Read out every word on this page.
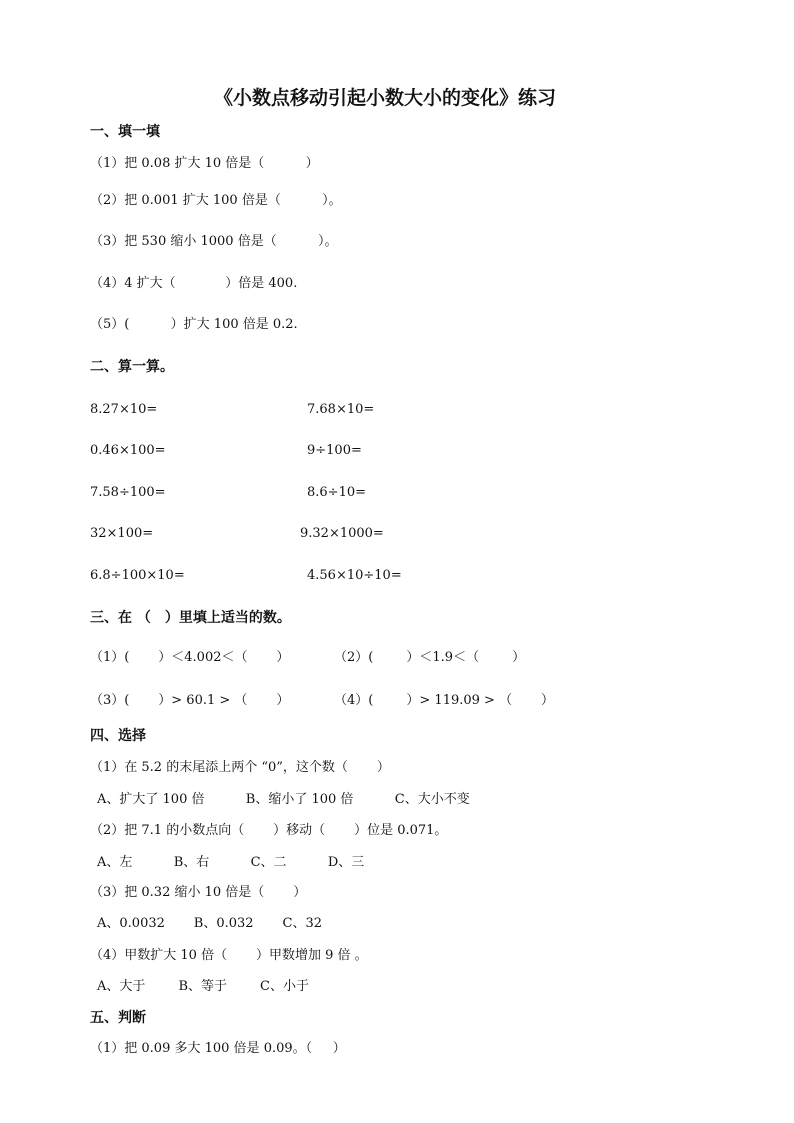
《小数点移动引起小数大小的变化》练习
一、填一填
（1）把 0.08 扩大 10 倍是（          ）
（2）把 0.001 扩大 100 倍是（          ）。
（3）把 530 缩小 1000 倍是（          ）。
（4）4 扩大（            ）倍是 400.
（5）(          ）扩大 100 倍是 0.2.
二、算一算。
8.27×10=	7.68×10=
0.46×100=	9÷100=
7.58÷100=	8.6÷10=
32×100=	9.32×1000=
6.8÷100×10=	4.56×10÷10=
三、在 （　）里填上适当的数。
（1）(       ）＜4.002＜（       ）	（2）(        ）＜1.9＜（        ）
（3）(       ）> 60.1 > （       ）	（4）(        ）> 119.09 > （       ）
四、选择
（1）在 5.2 的末尾添上两个 “0”，这个数（       ）
A、扩大了 100 倍          B、缩小了 100 倍          C、大小不变
（2）把 7.1 的小数点向（       ）移动（       ）位是 0.071。
A、左          B、右          C、二          D、三
（3）把 0.32 缩小 10 倍是（       ）
A、0.0032       B、0.032       C、32
（4）甲数扩大 10 倍（       ）甲数增加 9 倍 。
A、大于        B、等于        C、小于
五、判断
（1）把 0.09 多大 100 倍是 0.09。（     ）
